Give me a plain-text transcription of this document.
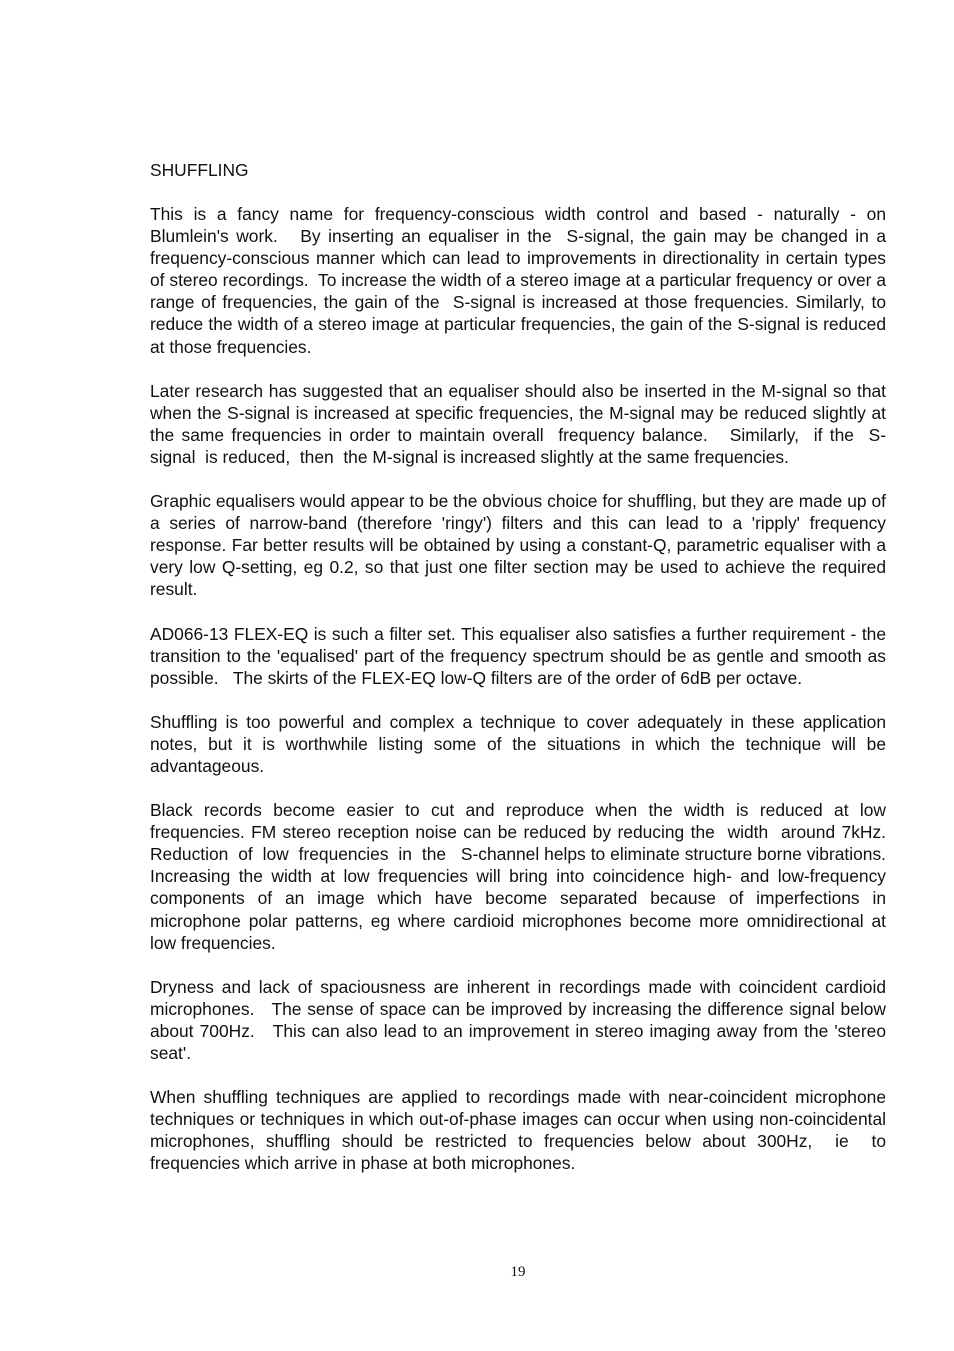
SHUFFLING

This is a fancy name for frequency-conscious width control and based - naturally - on Blumlein's work.   By inserting an equaliser in the  S-signal, the gain may be changed in a frequency-conscious manner which can lead to improvements in directionality in certain types of stereo recordings.  To increase the width of a stereo image at a particular frequency or over a range of frequencies, the gain of the  S-signal is increased at those frequencies. Similarly, to reduce the width of a stereo image at particular frequencies, the gain of the S-signal is reduced at those frequencies.

Later research has suggested that an equaliser should also be inserted in the M-signal so that when the S-signal is increased at specific frequencies, the M-signal may be reduced slightly at the same frequencies in order to maintain overall  frequency balance.   Similarly,  if the  S-signal  is reduced,  then  the M-signal is increased slightly at the same frequencies.

Graphic equalisers would appear to be the obvious choice for shuffling, but they are made up of a series of narrow-band (therefore 'ringy') filters and this can lead to a 'ripply' frequency response. Far better results will be obtained by using a constant-Q, parametric equaliser with a very low Q-setting, eg 0.2, so that just one filter section may be used to achieve the required result.

AD066-13 FLEX-EQ is such a filter set. This equaliser also satisfies a further requirement - the transition to the 'equalised' part of the frequency spectrum should be as gentle and smooth as possible.   The skirts of the FLEX-EQ low-Q filters are of the order of 6dB per octave.

Shuffling is too powerful and complex a technique to cover adequately in these application notes, but it is worthwhile listing some of the situations in which the technique will be advantageous.

Black records become easier to cut and reproduce when the width is reduced at low frequencies. FM stereo reception noise can be reduced by reducing the  width  around 7kHz.  Reduction  of  low  frequencies  in  the   S-channel helps to eliminate structure borne vibrations. Increasing the width at low frequencies will bring into coincidence high- and low-frequency components of an image which have become separated because of imperfections in microphone polar patterns, eg where cardioid microphones become more omnidirectional at low frequencies.

Dryness and lack of spaciousness are inherent in recordings made with coincident cardioid microphones.   The sense of space can be improved by increasing the difference signal below about 700Hz.   This can also lead to an improvement in stereo imaging away from the 'stereo seat'.

When shuffling techniques are applied to recordings made with near-coincident microphone techniques or techniques in which out-of-phase images can occur when using non-coincidental microphones, shuffling should be restricted to frequencies below about 300Hz,  ie  to frequencies which arrive in phase at both microphones.

19
